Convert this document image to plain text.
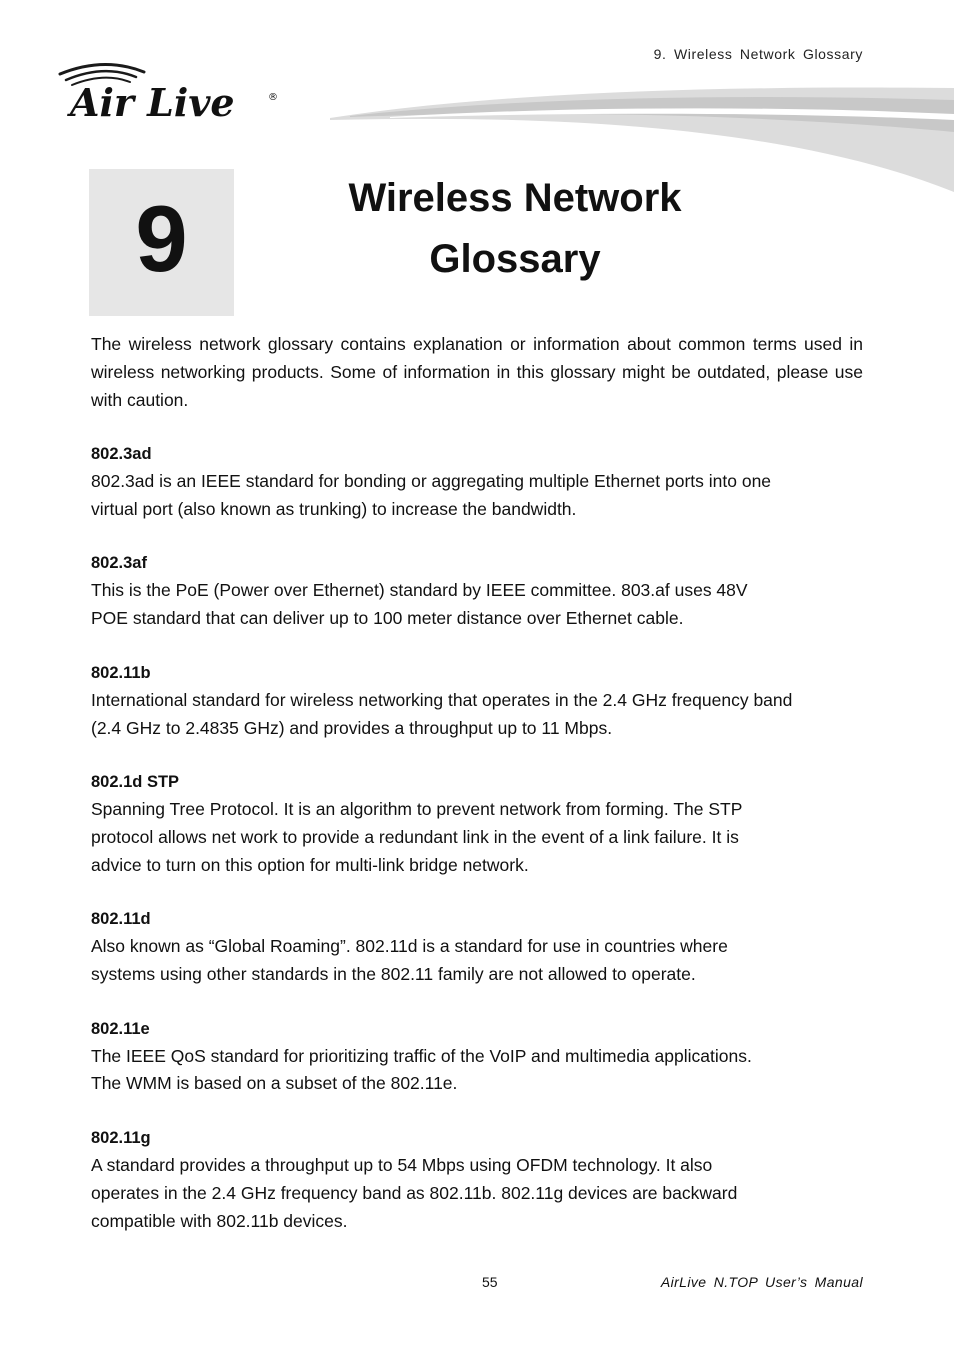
9. Wireless Network Glossary
Air Live	®
9	Wireless Network
Glossary

The wireless network glossary contains explanation or information about common terms used in wireless networking products. Some of information in this glossary might be outdated, please use with caution.

802.3ad

802.3ad is an IEEE standard for bonding or aggregating multiple Ethernet ports into one
virtual port (also known as trunking) to increase the bandwidth.

802.3af

This is the PoE (Power over Ethernet) standard by IEEE committee. 803.af uses 48V
POE standard that can deliver up to 100 meter distance over Ethernet cable.

802.11b

International standard for wireless networking that operates in the 2.4 GHz frequency band
(2.4 GHz to 2.4835 GHz) and provides a throughput up to 11 Mbps.

802.1d STP

Spanning Tree Protocol. It is an algorithm to prevent network from forming. The STP
protocol allows net work to provide a redundant link in the event of a link failure. It is
advice to turn on this option for multi-link bridge network.

802.11d

Also known as “Global Roaming”. 802.11d is a standard for use in countries where
systems using other standards in the 802.11 family are not allowed to operate.

802.11e

The IEEE QoS standard for prioritizing traffic of the VoIP and multimedia applications.
The WMM is based on a subset of the 802.11e.

802.11g

A standard provides a throughput up to 54 Mbps using OFDM technology. It also
operates in the 2.4 GHz frequency band as 802.11b. 802.11g devices are backward
compatible with 802.11b devices.

55	AirLive N.TOP User’s Manual
